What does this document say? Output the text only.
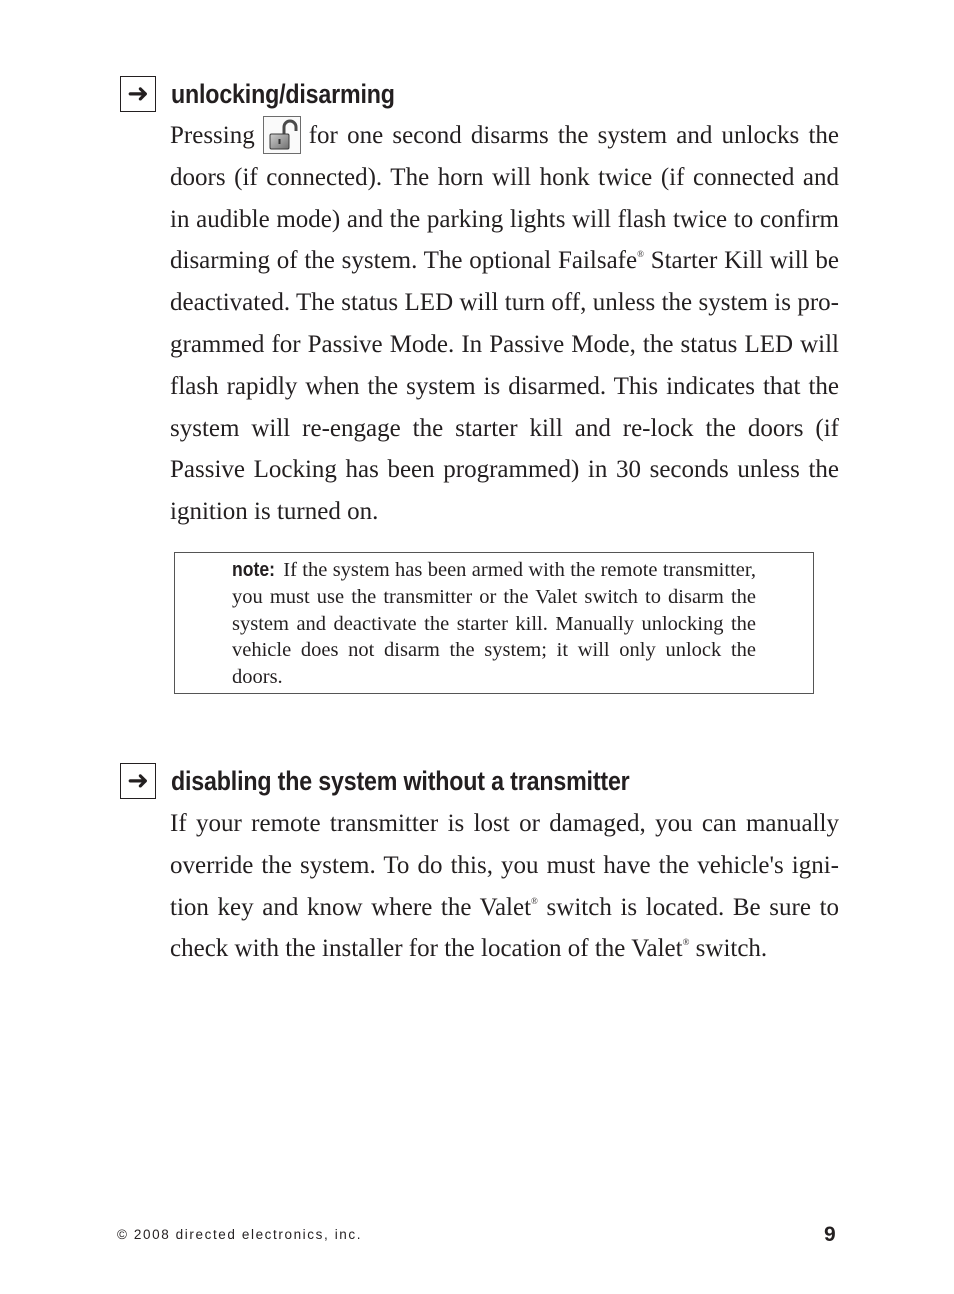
➜ unlocking/disarming

Pressing for one second disarms the system and unlocks the doors (if connected). The horn will honk twice (if connected and in audible mode) and the parking lights will flash twice to confirm disarming of the system. The optional Failsafe® Starter Kill will be deactivated. The status LED will turn off, unless the system is programmed for Passive Mode. In Passive Mode, the status LED will flash rapidly when the system is disarmed. This indicates that the system will re-engage the starter kill and re-lock the doors (if Passive Locking has been programmed) in 30 seconds unless the ignition is turned on.

note: If the system has been armed with the remote transmitter, you must use the transmitter or the Valet switch to disarm the system and deactivate the starter kill. Manually unlocking the vehicle does not disarm the system; it will only unlock the doors.

➜ disabling the system without a transmitter

If your remote transmitter is lost or damaged, you can manually override the system. To do this, you must have the vehicle's ignition key and know where the Valet® switch is located. Be sure to check with the installer for the location of the Valet® switch.

© 2008 directed electronics, inc.	9
